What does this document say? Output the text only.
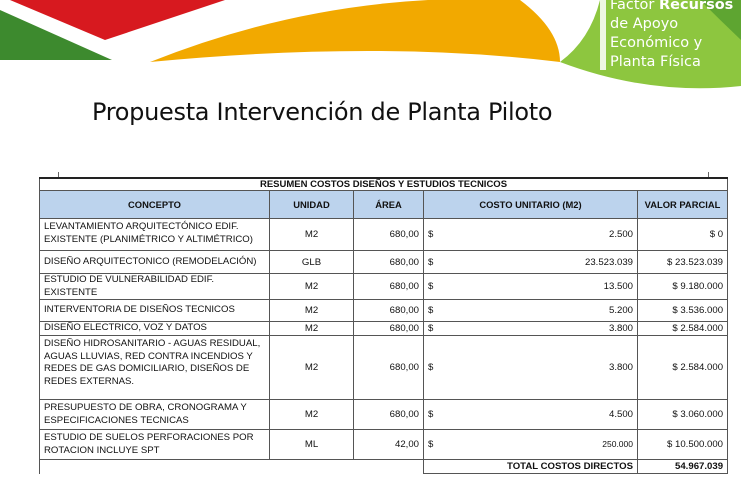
Factor Recursos
de Apoyo
Económico y
Planta Física
Propuesta Intervención de Planta Piloto
RESUMEN COSTOS DISEÑOS Y ESTUDIOS TECNICOS				
CONCEPTO	UNIDAD	ÁREA	COSTO UNITARIO (M2)	VALOR PARCIAL
LEVANTAMIENTO ARQUITECTÓNICO EDIF. EXISTENTE (PLANIMÉTRICO Y ALTIMÉTRICO)	M2	680,00	$ 2.500	$ 0
DISEÑO ARQUITECTONICO (REMODELACIÓN)	GLB	680,00	$ 23.523.039	$ 23.523.039
ESTUDIO DE VULNERABILIDAD EDIF. EXISTENTE	M2	680,00	$ 13.500	$ 9.180.000
INTERVENTORIA DE DISEÑOS TECNICOS	M2	680,00	$ 5.200	$ 3.536.000
DISEÑO ELECTRICO, VOZ Y DATOS	M2	680,00	$ 3.800	$ 2.584.000
DISEÑO HIDROSANITARIO - AGUAS RESIDUAL, AGUAS LLUVIAS, RED CONTRA INCENDIOS Y REDES DE GAS DOMICILIARIO, DISEÑOS DE REDES EXTERNAS.	M2	680,00	$ 3.800	$ 2.584.000
PRESUPUESTO DE OBRA, CRONOGRAMA Y ESPECIFICACIONES TECNICAS	M2	680,00	$ 4.500	$ 3.060.000
ESTUDIO DE SUELOS PERFORACIONES POR ROTACION INCLUYE SPT	ML	42,00	$ 250.000	$ 10.500.000
			TOTAL COSTOS DIRECTOS	54.967.039
